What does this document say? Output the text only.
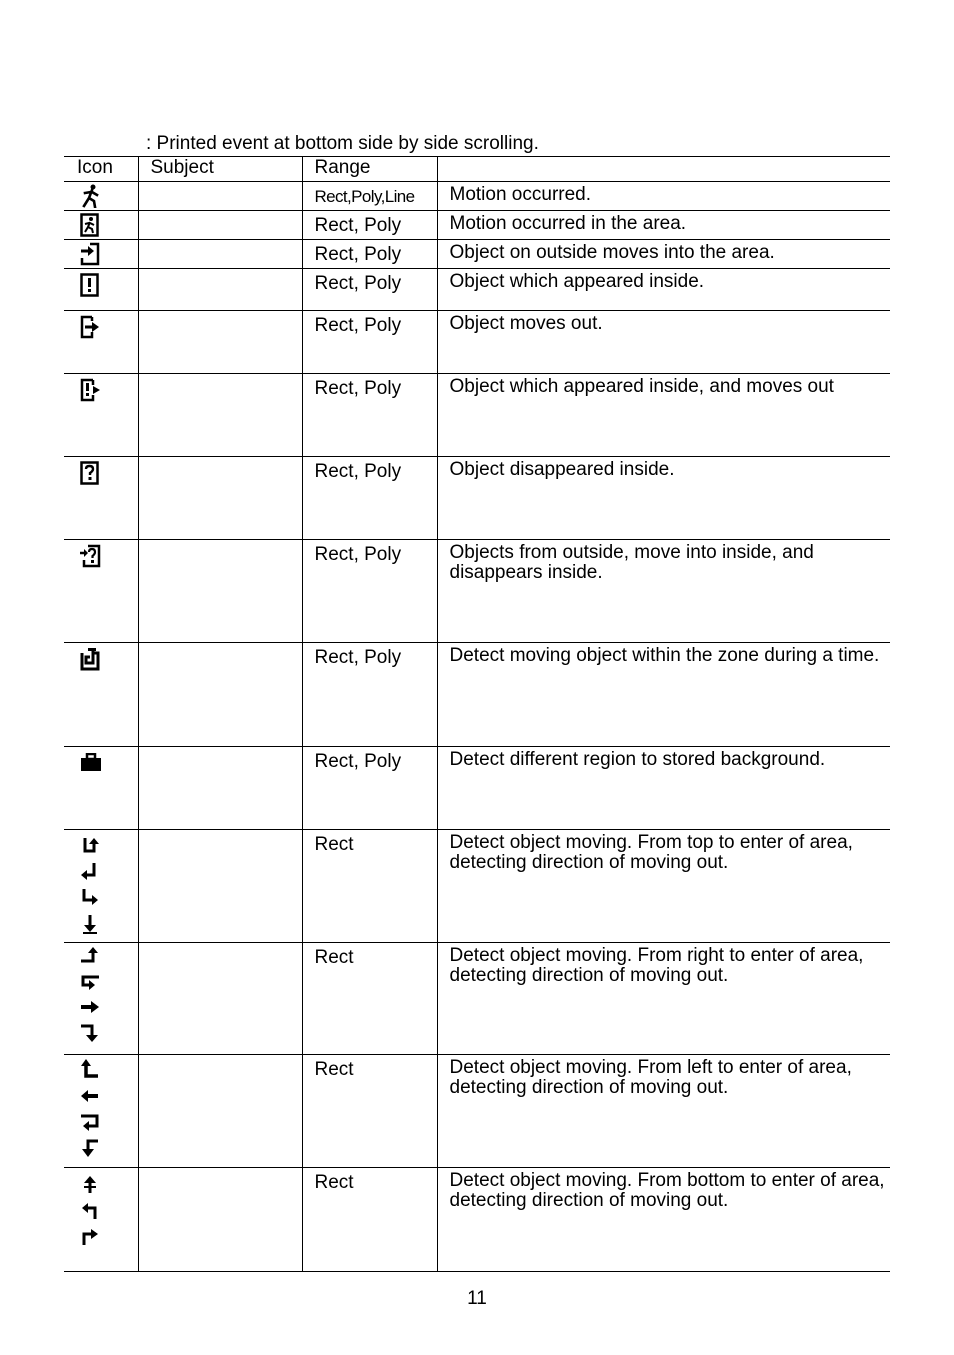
: Printed event at bottom side by side scrolling.
Icon	Subject	Range	

		Rect,Poly,Line	Motion occurred.

		Rect, Poly	Motion occurred in the area.

		Rect, Poly	Object on outside moves into the area.

		Rect, Poly	Object which appeared inside.

		Rect, Poly	Object moves out.

		Rect, Poly	Object which appeared inside, and moves out

		Rect, Poly	Object disappeared inside.

		Rect, Poly	Objects from outside, move into inside, and disappears inside.

		Rect, Poly	Detect moving object within the zone during a time.

		Rect, Poly	Detect different region to stored background.

		Rect	Detect object moving. From top to enter of area, detecting direction of moving out.

		Rect	Detect object moving. From right to enter of area, detecting direction of moving out.

		Rect	Detect object moving. From left to enter of area, detecting direction of moving out.

		Rect	Detect object moving. From bottom to enter of area, detecting direction of moving out.
11
